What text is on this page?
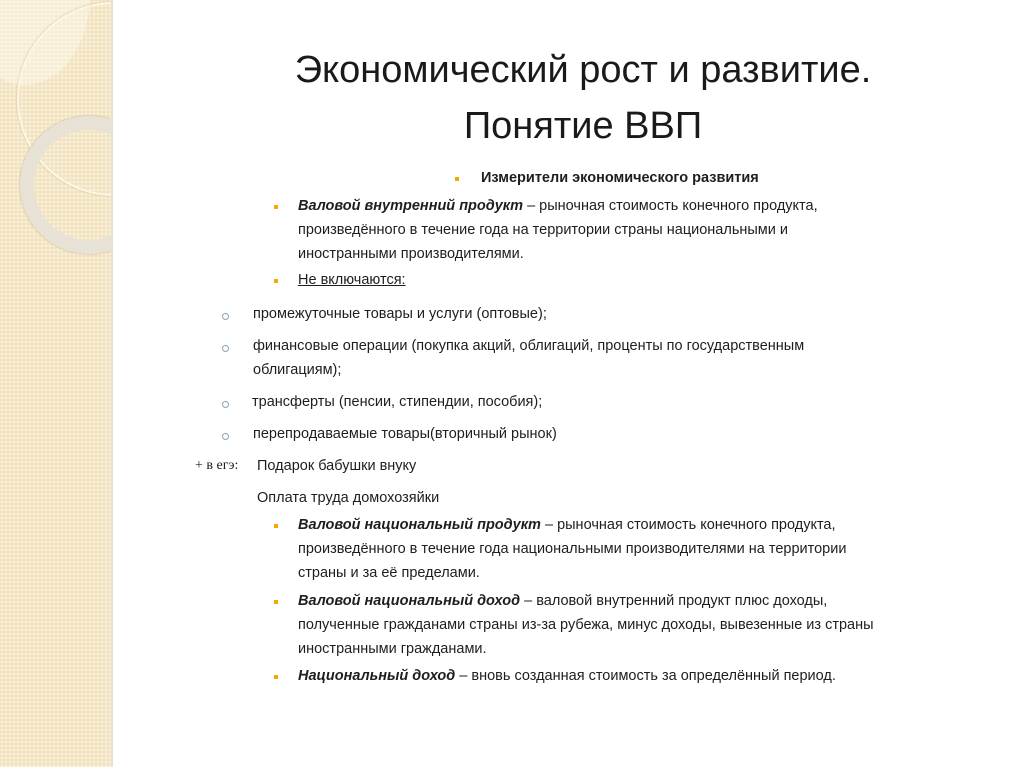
Экономический рост и развитие.
Понятие ВВП
Измерители экономического развития
Валовой внутренний продукт – рыночная стоимость конечного продукта,
произведённого в течение года на территории страны национальными и
иностранными производителями.
Не включаются:
промежуточные товары и услуги (оптовые);
финансовые операции (покупка акций, облигаций, проценты по государственным
облигациям);
трансферты (пенсии, стипендии, пособия);
перепродаваемые товары(вторичный рынок)
+ в егэ: Подарок бабушки внуку
Оплата труда домохозяйки
Валовой национальный продукт – рыночная стоимость конечного продукта,
произведённого в течение года национальными производителями на территории
страны и за её пределами.
Валовой национальный доход – валовой внутренний продукт плюс доходы,
полученные гражданами страны из-за рубежа, минус доходы, вывезенные из страны
иностранными гражданами.
Национальный доход – вновь созданная стоимость за определённый период.
